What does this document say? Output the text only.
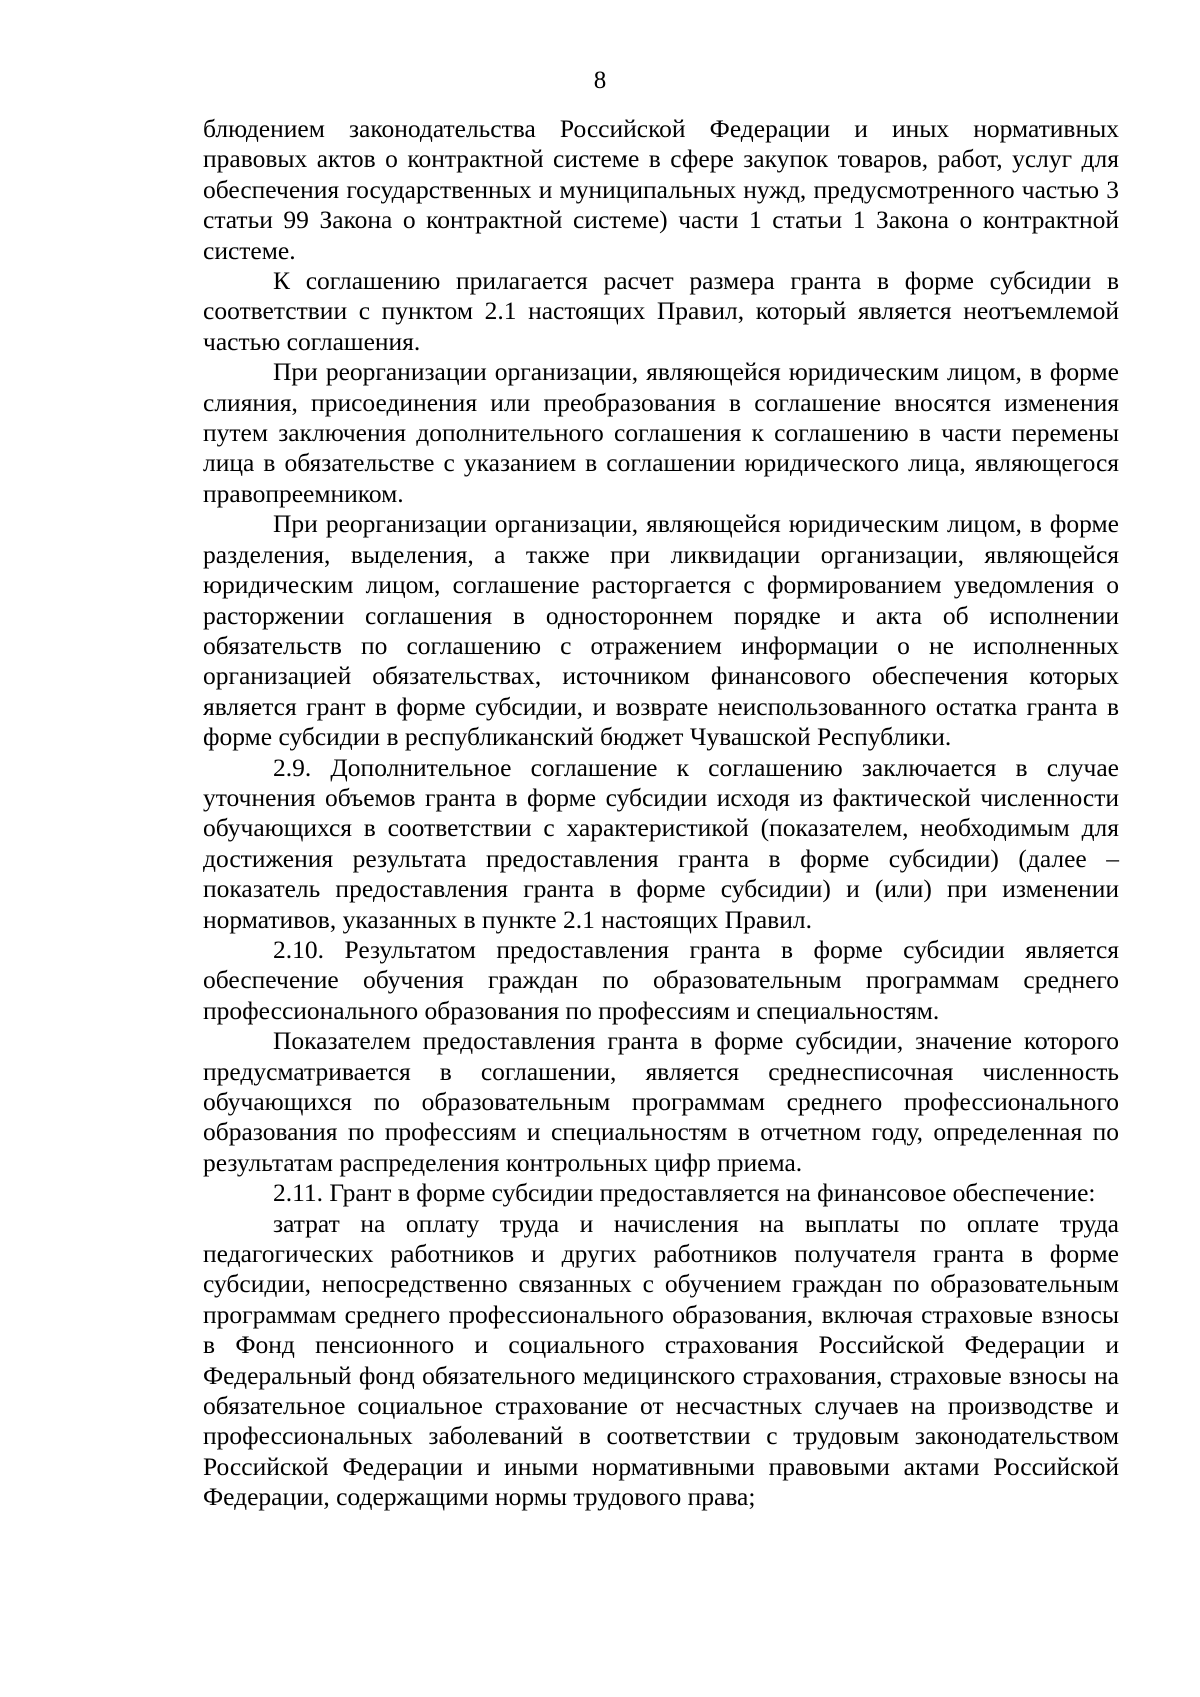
8

блюдением законодательства Российской Федерации и иных нормативных правовых актов о контрактной системе в сфере закупок товаров, работ, услуг для обеспечения государственных и муниципальных нужд, предусмотренного частью 3 статьи 99 Закона о контрактной системе) части 1 статьи 1 Закона о контрактной системе.

К соглашению прилагается расчет размера гранта в форме субсидии в соответствии с пунктом 2.1 настоящих Правил, который является неотъемлемой частью соглашения.

При реорганизации организации, являющейся юридическим лицом, в форме слияния, присоединения или преобразования в соглашение вносятся изменения путем заключения дополнительного соглашения к соглашению в части перемены лица в обязательстве с указанием в соглашении юридического лица, являющегося правопреемником.

При реорганизации организации, являющейся юридическим лицом, в форме разделения, выделения, а также при ликвидации организации, являющейся юридическим лицом, соглашение расторгается с формированием уведомления о расторжении соглашения в одностороннем порядке и акта об исполнении обязательств по соглашению с отражением информации о не исполненных организацией обязательствах, источником финансового обеспечения которых является грант в форме субсидии, и возврате неиспользованного остатка гранта в форме субсидии в республиканский бюджет Чувашской Республики.

2.9. Дополнительное соглашение к соглашению заключается в случае уточнения объемов гранта в форме субсидии исходя из фактической численности обучающихся в соответствии с характеристикой (показателем, необходимым для достижения результата предоставления гранта в форме субсидии) (далее – показатель предоставления гранта в форме субсидии) и (или) при изменении нормативов, указанных в пункте 2.1 настоящих Правил.

2.10. Результатом предоставления гранта в форме субсидии является обеспечение обучения граждан по образовательным программам среднего профессионального образования по профессиям и специальностям.

Показателем предоставления гранта в форме субсидии, значение которого предусматривается в соглашении, является среднесписочная численность обучающихся по образовательным программам среднего профессионального образования по профессиям и специальностям в отчетном году, определенная по результатам распределения контрольных цифр приема.

2.11. Грант в форме субсидии предоставляется на финансовое обеспечение:

затрат на оплату труда и начисления на выплаты по оплате труда педагогических работников и других работников получателя гранта в форме субсидии, непосредственно связанных с обучением граждан по образовательным программам среднего профессионального образования, включая страховые взносы в Фонд пенсионного и социального страхования Российской Федерации и Федеральный фонд обязательного медицинского страхования, страховые взносы на обязательное социальное страхование от несчастных случаев на производстве и профессиональных заболеваний в соответствии с трудовым законодательством Российской Федерации и иными нормативными правовыми актами Российской Федерации, содержащими нормы трудового права;
